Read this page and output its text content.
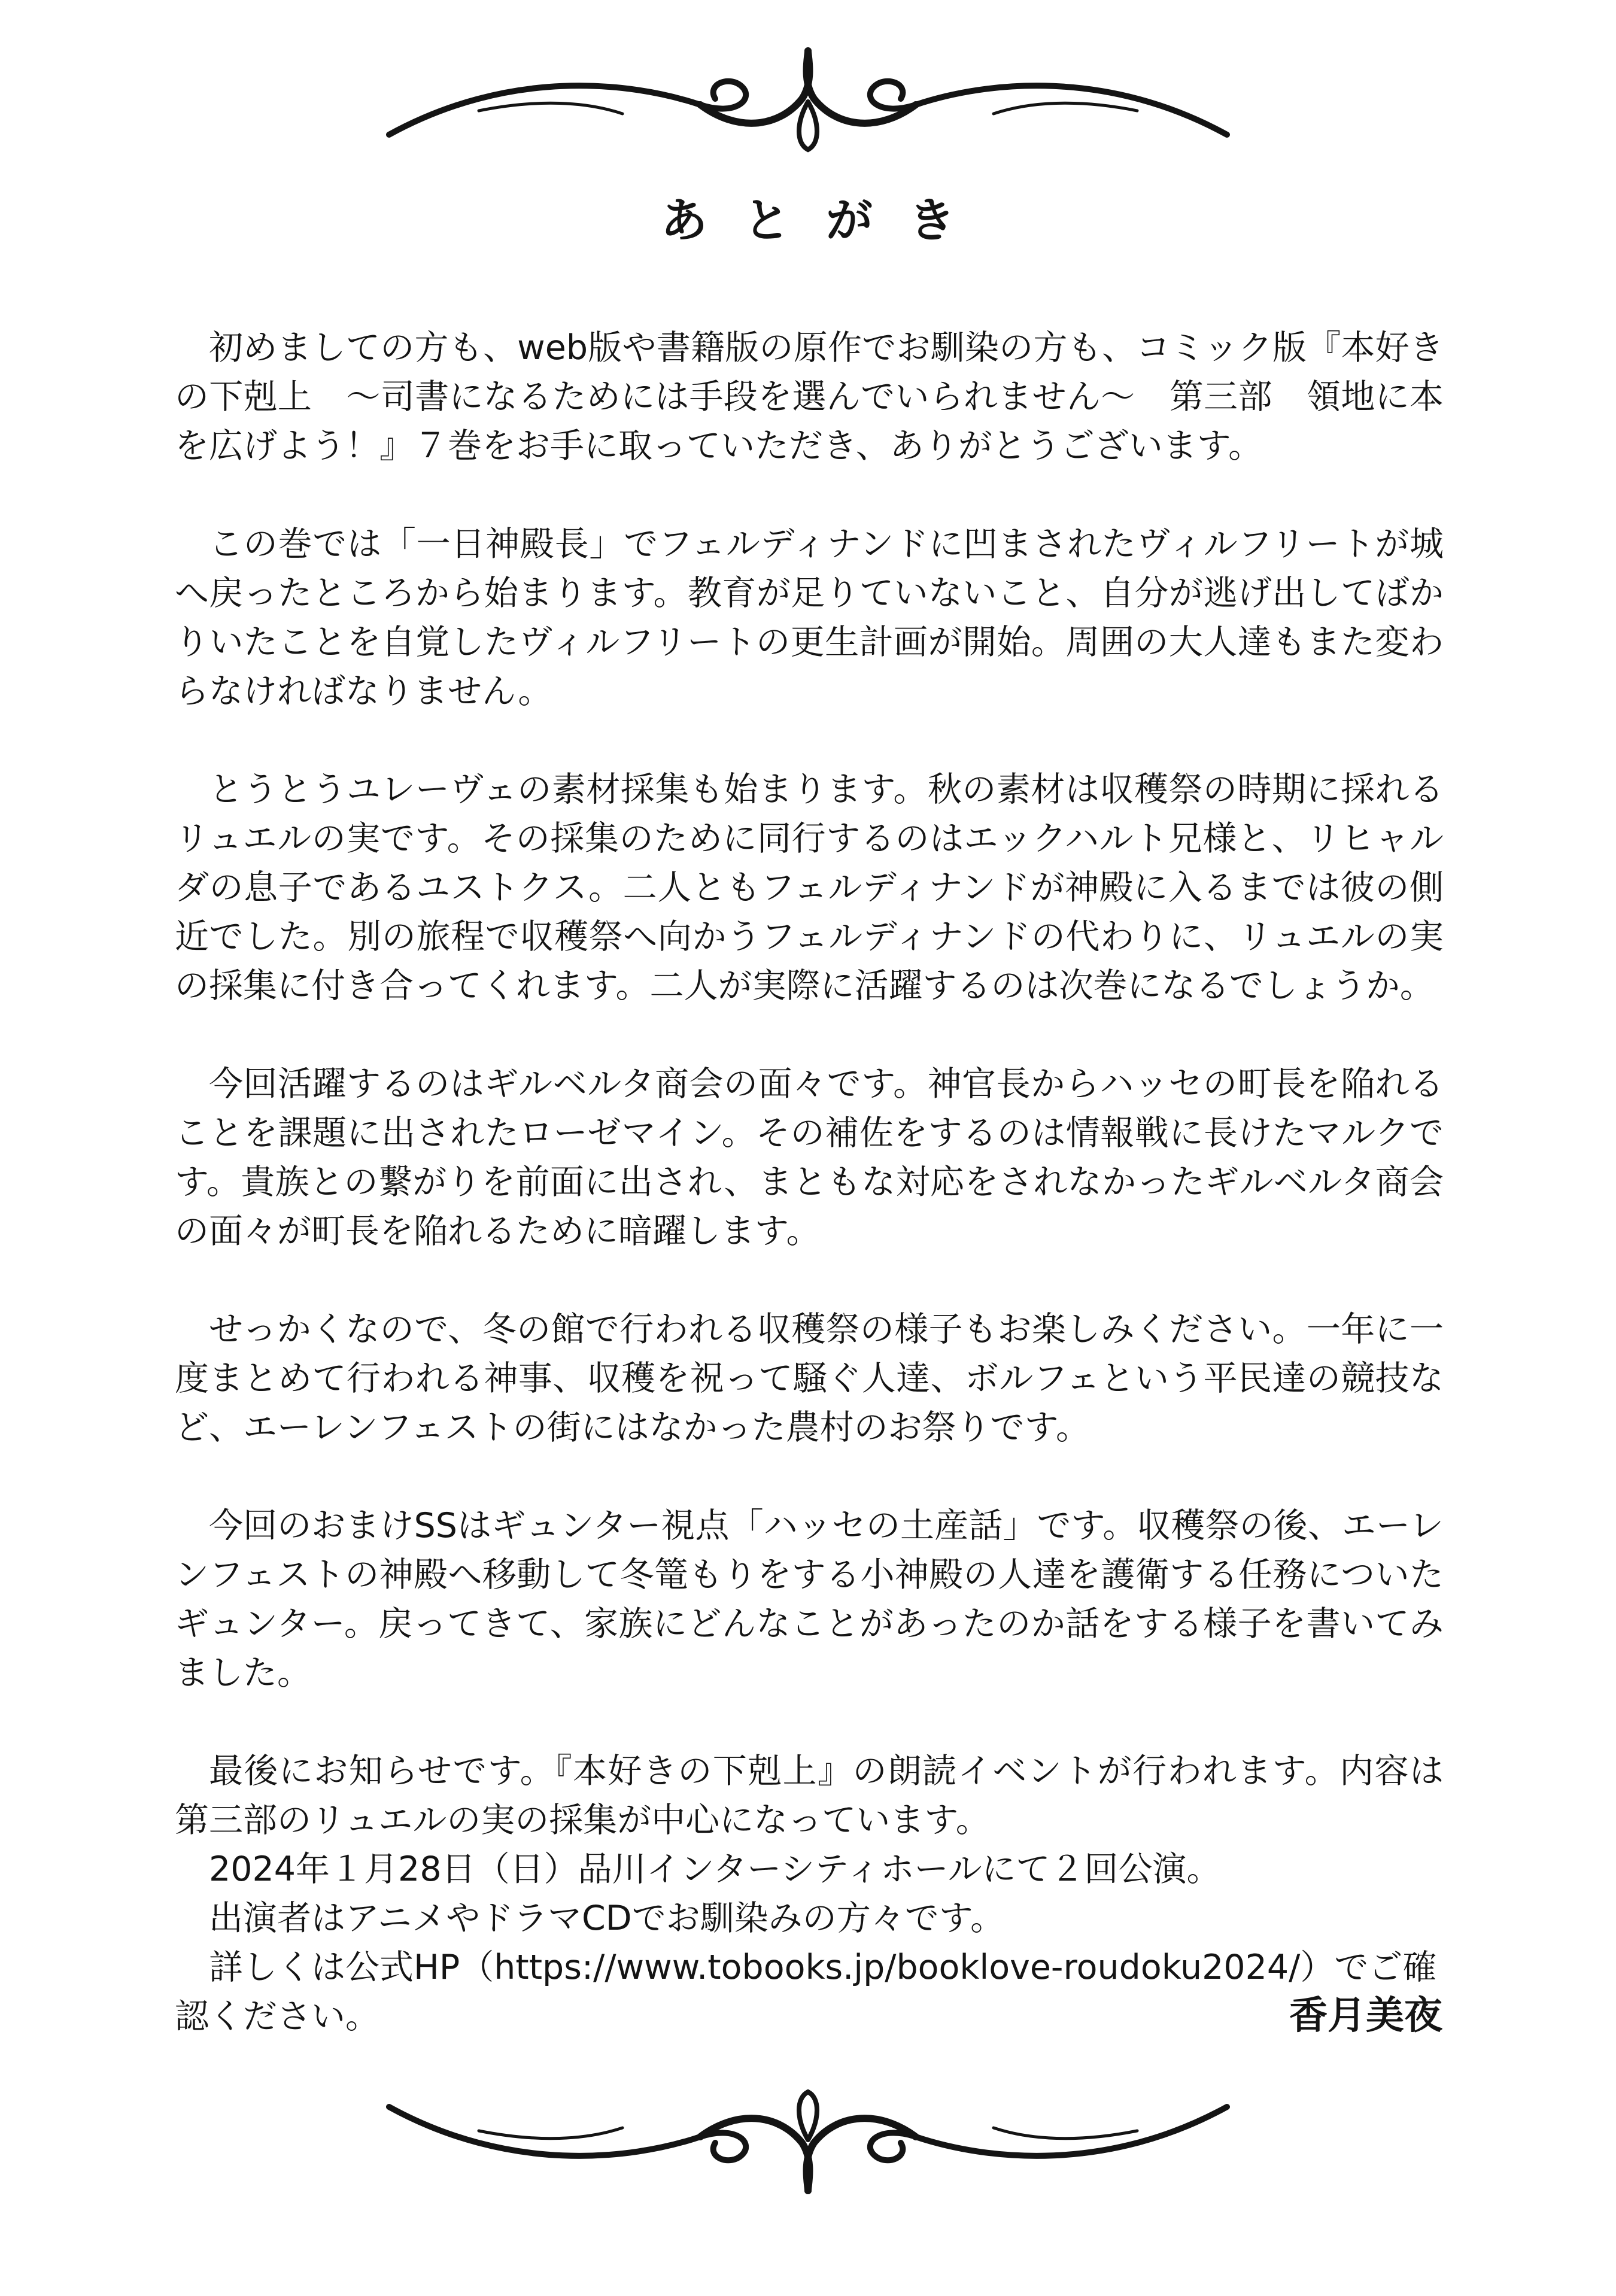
あとがき

初めましての方も、web版や書籍版の原作でお馴染の方も、コミック版『本好きの下剋上　～司書になるためには手段を選んでいられません～　第三部　領地に本を広げよう！』７巻をお手に取っていただき、ありがとうございます。

この巻では「一日神殿長」でフェルディナンドに凹まされたヴィルフリートが城へ戻ったところから始まります。教育が足りていないこと、自分が逃げ出してばかりいたことを自覚したヴィルフリートの更生計画が開始。周囲の大人達もまた変わらなければなりません。

とうとうユレーヴェの素材採集も始まります。秋の素材は収穫祭の時期に採れるリュエルの実です。その採集のために同行するのはエックハルト兄様と、リヒャルダの息子であるユストクス。二人ともフェルディナンドが神殿に入るまでは彼の側近でした。別の旅程で収穫祭へ向かうフェルディナンドの代わりに、リュエルの実の採集に付き合ってくれます。二人が実際に活躍するのは次巻になるでしょうか。

今回活躍するのはギルベルタ商会の面々です。神官長からハッセの町長を陥れることを課題に出されたローゼマイン。その補佐をするのは情報戦に長けたマルクです。貴族との繋がりを前面に出され、まともな対応をされなかったギルベルタ商会の面々が町長を陥れるために暗躍します。

せっかくなので、冬の館で行われる収穫祭の様子もお楽しみください。一年に一度まとめて行われる神事、収穫を祝って騒ぐ人達、ボルフェという平民達の競技など、エーレンフェストの街にはなかった農村のお祭りです。

今回のおまけSSはギュンター視点「ハッセの土産話」です。収穫祭の後、エーレンフェストの神殿へ移動して冬篭もりをする小神殿の人達を護衛する任務についたギュンター。戻ってきて、家族にどんなことがあったのか話をする様子を書いてみました。

最後にお知らせです。『本好きの下剋上』の朗読イベントが行われます。内容は第三部のリュエルの実の採集が中心になっています。

2024年１月28日（日）品川インターシティホールにて２回公演。

出演者はアニメやドラマCDでお馴染みの方々です。

詳しくは公式HP（https://www.tobooks.jp/booklove-roudoku2024/）でご確認ください。	香月美夜
